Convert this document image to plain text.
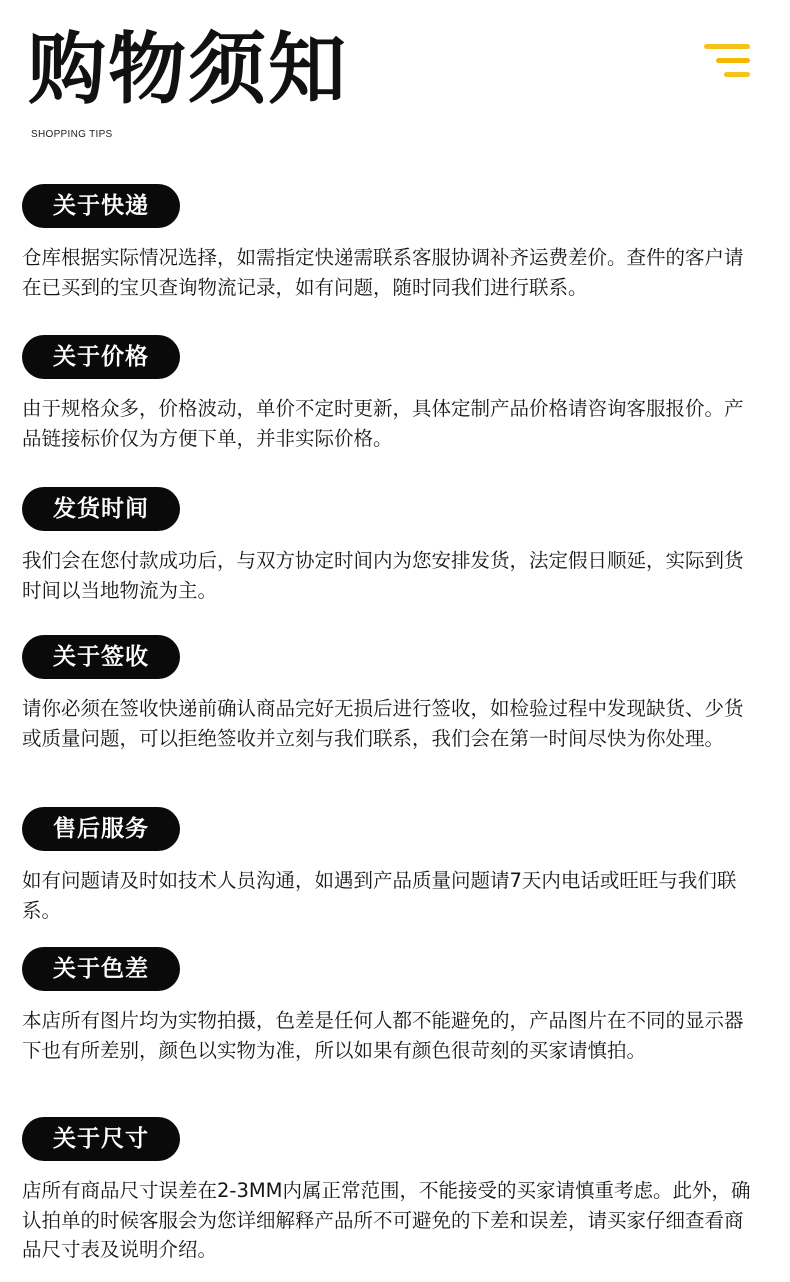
购物须知
SHOPPING TIPS
关于快递
仓库根据实际情况选择，如需指定快递需联系客服协调补齐运费差价。查件的客户请在已买到的宝贝查询物流记录，如有问题，随时同我们进行联系。
关于价格
由于规格众多，价格波动，单价不定时更新，具体定制产品价格请咨询客服报价。产品链接标价仅为方便下单，并非实际价格。
发货时间
我们会在您付款成功后，与双方协定时间内为您安排发货，法定假日顺延，实际到货时间以当地物流为主。
关于签收
请你必须在签收快递前确认商品完好无损后进行签收，如检验过程中发现缺货、少货或质量问题，可以拒绝签收并立刻与我们联系，我们会在第一时间尽快为你处理。
售后服务
如有问题请及时如技术人员沟通，如遇到产品质量问题请7天内电话或旺旺与我们联系。
关于色差
本店所有图片均为实物拍摄，色差是任何人都不能避免的，产品图片在不同的显示器下也有所差别，颜色以实物为准，所以如果有颜色很苛刻的买家请慎拍。
关于尺寸
店所有商品尺寸误差在2-3MM内属正常范围，不能接受的买家请慎重考虑。此外，确认拍单的时候客服会为您详细解释产品所不可避免的下差和误差，请买家仔细查看商品尺寸表及说明介绍。
